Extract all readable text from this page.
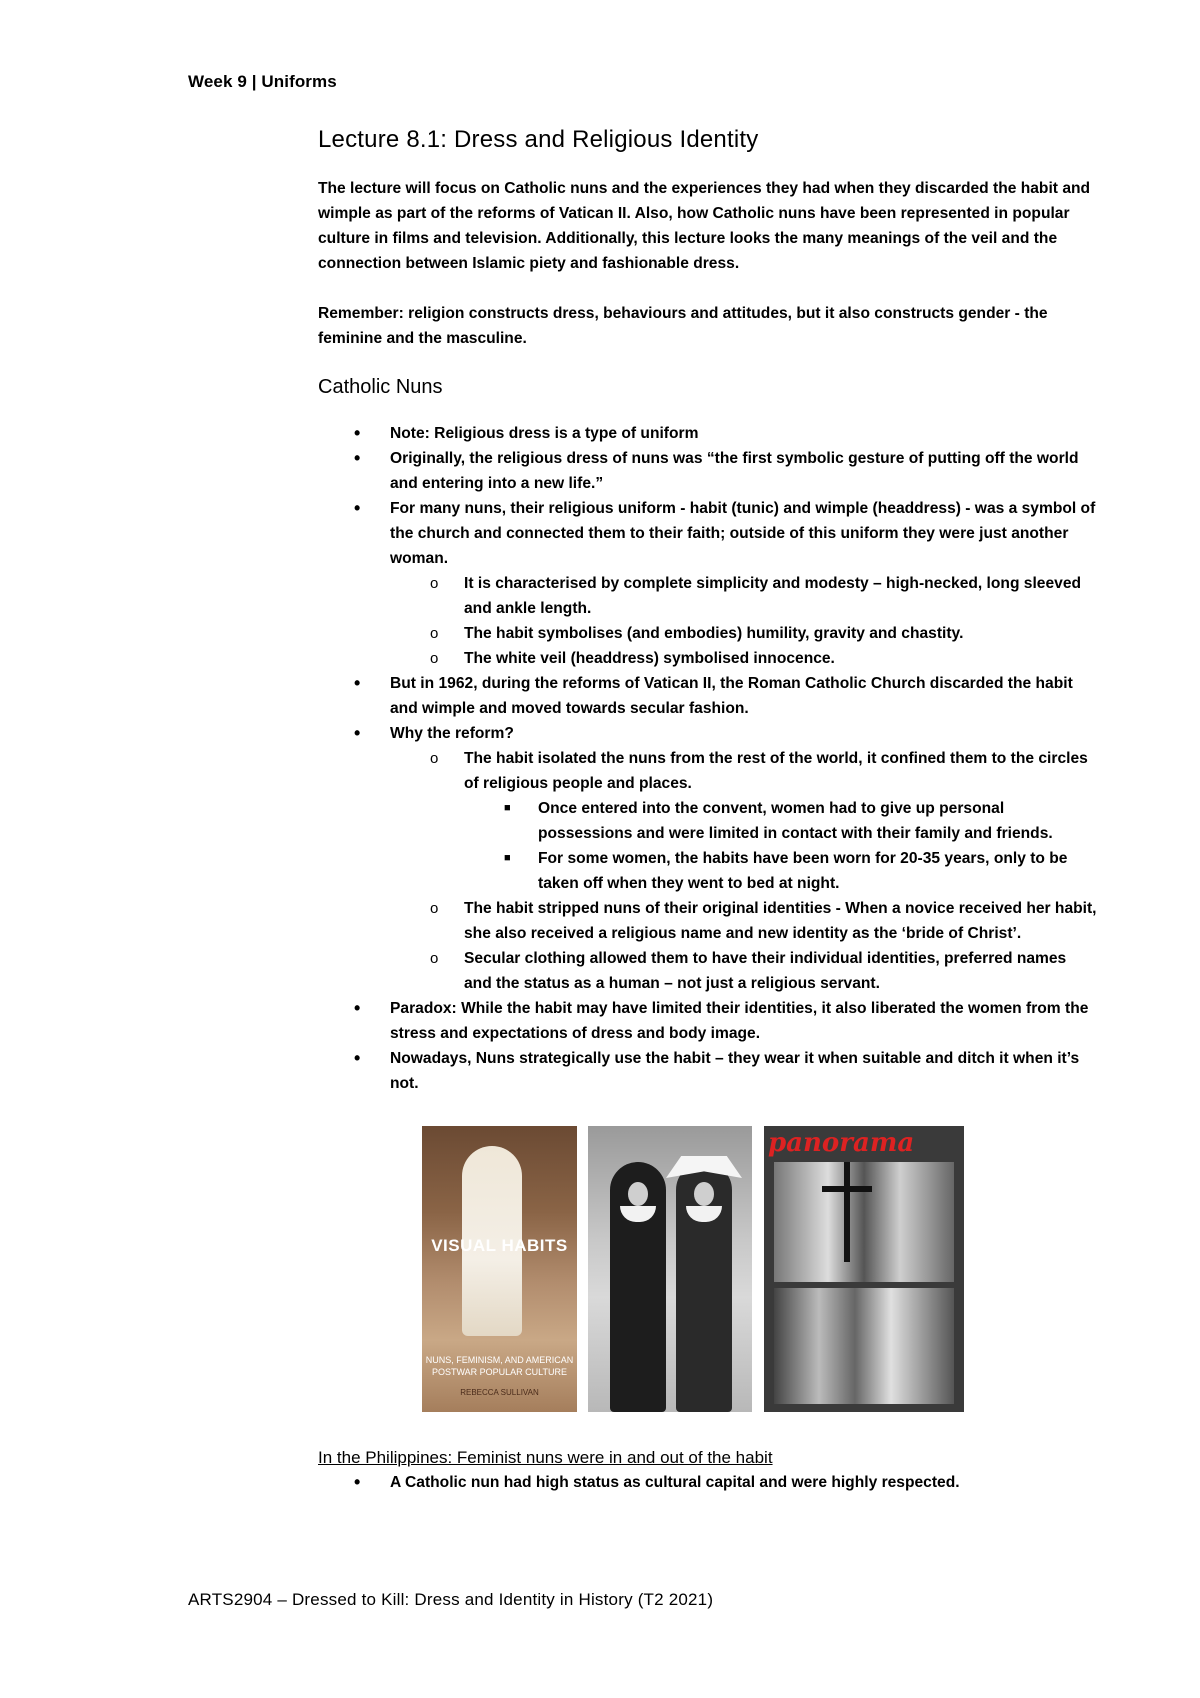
Week 9 | Uniforms
Lecture 8.1: Dress and Religious Identity

The lecture will focus on Catholic nuns and the experiences they had when they discarded the habit and wimple as part of the reforms of Vatican II. Also, how Catholic nuns have been represented in popular culture in films and television. Additionally, this lecture looks the many meanings of the veil and the connection between Islamic piety and fashionable dress.

Remember: religion constructs dress, behaviours and attitudes, but it also constructs gender - the feminine and the masculine.

Catholic Nuns
• Note: Religious dress is a type of uniform
• Originally, the religious dress of nuns was “the first symbolic gesture of putting off the world and entering into a new life.”
• For many nuns, their religious uniform - habit (tunic) and wimple (headdress) - was a symbol of the church and connected them to their faith; outside of this uniform they were just another woman.
o It is characterised by complete simplicity and modesty – high-necked, long sleeved and ankle length.
o The habit symbolises (and embodies) humility, gravity and chastity.
o The white veil (headdress) symbolised innocence.
• But in 1962, during the reforms of Vatican II, the Roman Catholic Church discarded the habit and wimple and moved towards secular fashion.
• Why the reform?
o The habit isolated the nuns from the rest of the world, it confined them to the circles of religious people and places.
■ Once entered into the convent, women had to give up personal possessions and were limited in contact with their family and friends.
■ For some women, the habits have been worn for 20-35 years, only to be taken off when they went to bed at night.
o The habit stripped nuns of their original identities - When a novice received her habit, she also received a religious name and new identity as the ‘bride of Christ’.
o Secular clothing allowed them to have their individual identities, preferred names and the status as a human – not just a religious servant.
• Paradox: While the habit may have limited their identities, it also liberated the women from the stress and expectations of dress and body image.
• Nowadays, Nuns strategically use the habit – they wear it when suitable and ditch it when it’s not.
VISUAL HABITS
NUNS, FEMINISM, AND AMERICAN POSTWAR POPULAR CULTURE
REBECCA SULLIVAN
panorama
In the Philippines: Feminist nuns were in and out of the habit
• A Catholic nun had high status as cultural capital and were highly respected.
ARTS2904 – Dressed to Kill: Dress and Identity in History (T2 2021)
